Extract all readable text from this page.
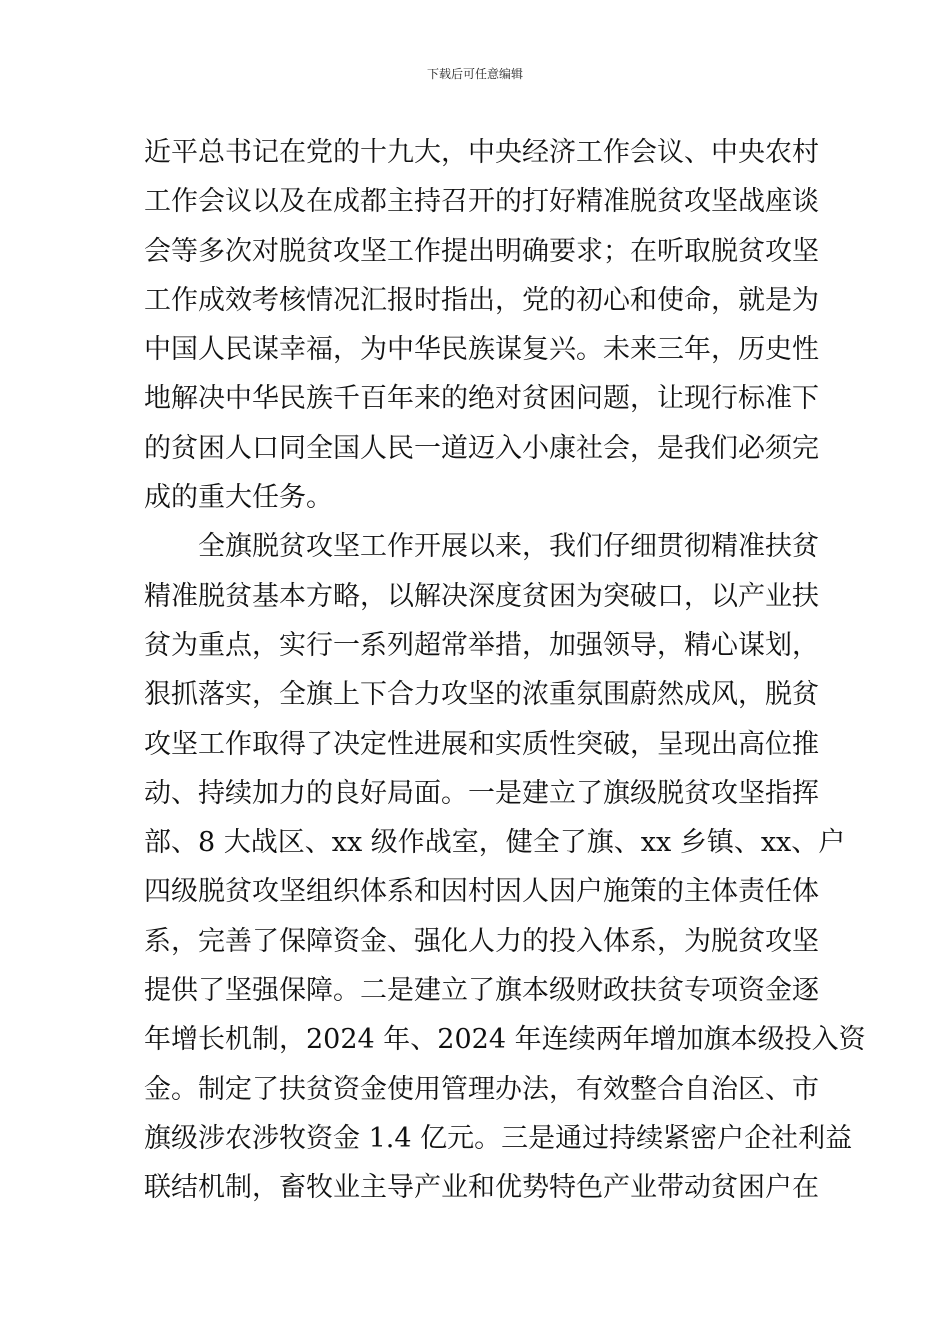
下载后可任意编辑
近平总书记在党的十九大，中央经济工作会议、中央农村
工作会议以及在成都主持召开的打好精准脱贫攻坚战座谈
会等多次对脱贫攻坚工作提出明确要求；在听取脱贫攻坚
工作成效考核情况汇报时指出，党的初心和使命，就是为
中国人民谋幸福，为中华民族谋复兴。未来三年，历史性
地解决中华民族千百年来的绝对贫困问题，让现行标准下
的贫困人口同全国人民一道迈入小康社会，是我们必须完
成的重大任务。
全旗脱贫攻坚工作开展以来，我们仔细贯彻精准扶贫
精准脱贫基本方略，以解决深度贫困为突破口，以产业扶
贫为重点，实行一系列超常举措，加强领导，精心谋划，
狠抓落实，全旗上下合力攻坚的浓重氛围蔚然成风，脱贫
攻坚工作取得了决定性进展和实质性突破，呈现出高位推
动、持续加力的良好局面。一是建立了旗级脱贫攻坚指挥
部、8 大战区、xx 级作战室，健全了旗、xx 乡镇、xx、户
四级脱贫攻坚组织体系和因村因人因户施策的主体责任体
系，完善了保障资金、强化人力的投入体系，为脱贫攻坚
提供了坚强保障。二是建立了旗本级财政扶贫专项资金逐
年增长机制，2024 年、2024 年连续两年增加旗本级投入资
金。制定了扶贫资金使用管理办法，有效整合自治区、市
旗级涉农涉牧资金 1.4 亿元。三是通过持续紧密户企社利益
联结机制，畜牧业主导产业和优势特色产业带动贫困户在
